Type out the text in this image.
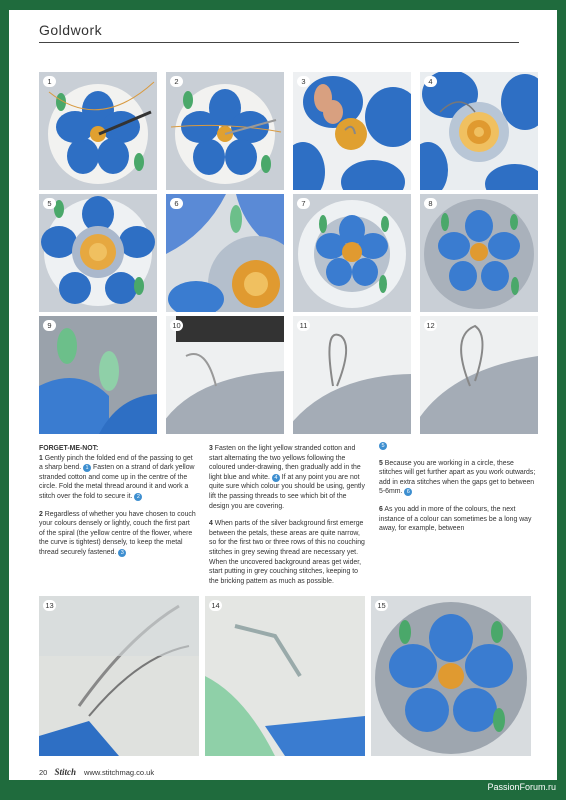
Goldwork
1	2	3	4
5	6	7	8
9	10	11	12

FORGET-ME-NOT:
1 Gently pinch the folded end of the passing to get a sharp bend. 1 Fasten on a strand of dark yellow stranded cotton and come up in the centre of the circle. Fold the metal thread around it and work a stitch over the fold to secure it. 2

2 Regardless of whether you have chosen to couch your colours densely or lightly, couch the first part of the spiral (the yellow centre of the flower, where the curve is tightest) densely, to keep the metal thread securely fastened. 3

3 Fasten on the light yellow stranded cotton and start alternating the two yellows following the coloured under-drawing, then gradually add in the light blue and white. 4 If at any point you are not quite sure which colour you should be using, gently lift the passing threads to see which bit of the design you are covering.

4 When parts of the silver background first emerge between the petals, these areas are quite narrow, so for the first two or three rows of this no couching stitches in grey sewing thread are necessary yet. When the uncovered background areas get wider, start putting in grey couching stitches, keeping to the bricking pattern as much as possible.

5

5 Because you are working in a circle, these stitches will get further apart as you work outwards; add in extra stitches when the gaps get to between 5-6mm. 6

6 As you add in more of the colours, the next instance of a colour can sometimes be a long way away, for example, between

13	14	15
20 Stitch www.stitchmag.co.uk
PassionForum.ru
